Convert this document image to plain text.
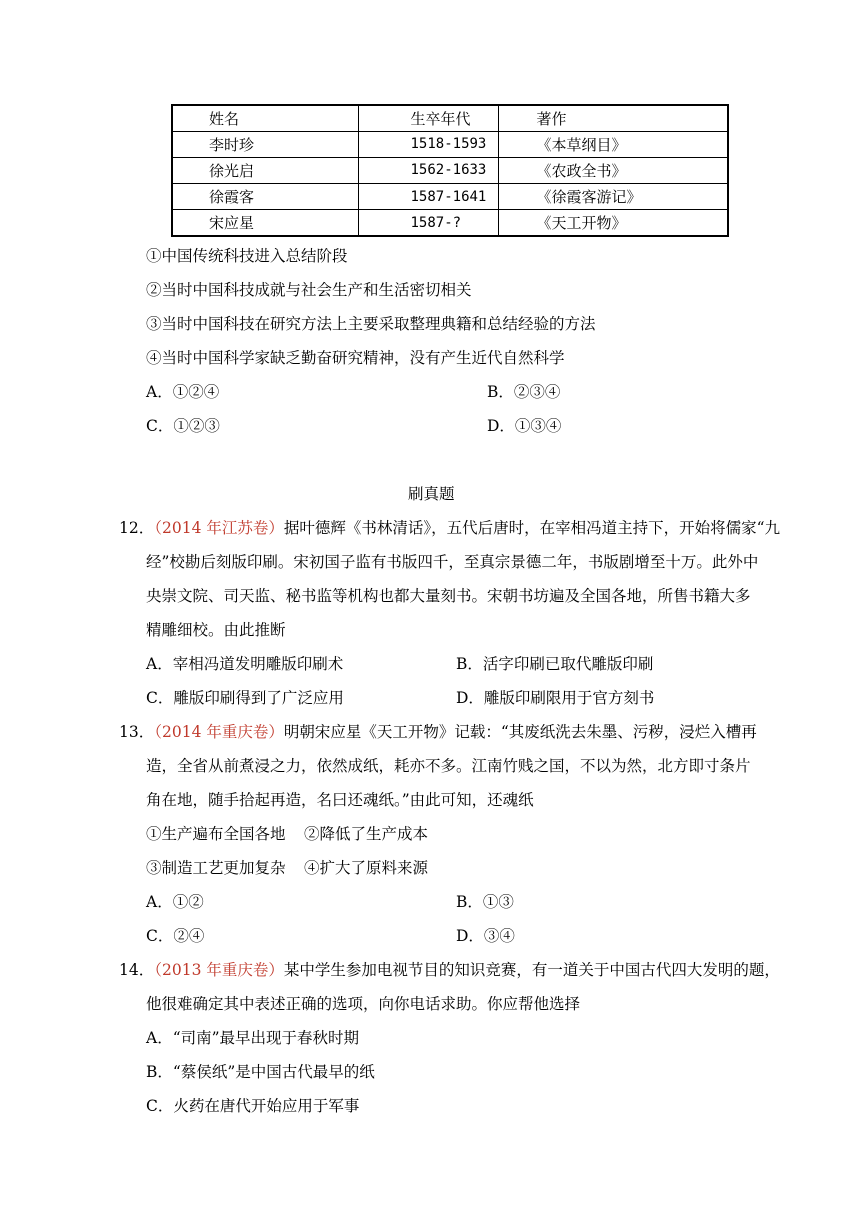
姓名	生卒年代	著作
李时珍	1518-1593	《本草纲目》
徐光启	1562-1633	《农政全书》
徐霞客	1587-1641	《徐霞客游记》
宋应星	1587-?	《天工开物》
①中国传统科技进入总结阶段
②当时中国科技成就与社会生产和生活密切相关
③当时中国科技在研究方法上主要采取整理典籍和总结经验的方法
④当时中国科学家缺乏勤奋研究精神，没有产生近代自然科学
A．①②④	B．②③④
C．①②③	D．①③④
刷真题
12．（2014 年江苏卷）据叶德辉《书林清话》，五代后唐时，在宰相冯道主持下，开始将儒家“九
经”校勘后刻版印刷。宋初国子监有书版四千，至真宗景德二年，书版剧增至十万。此外中
央崇文院、司天监、秘书监等机构也都大量刻书。宋朝书坊遍及全国各地，所售书籍大多
精雕细校。由此推断
A．宰相冯道发明雕版印刷术	B．活字印刷已取代雕版印刷
C．雕版印刷得到了广泛应用	D．雕版印刷限用于官方刻书
13．（2014 年重庆卷）明朝宋应星《天工开物》记载：“其废纸洗去朱墨、污秽，浸烂入槽再
造，全省从前煮浸之力，依然成纸，耗亦不多。江南竹贱之国，不以为然，北方即寸条片
角在地，随手拾起再造，名曰还魂纸。”由此可知，还魂纸
①生产遍布全国各地 ②降低了生产成本
③制造工艺更加复杂 ④扩大了原料来源
A．①②	B．①③
C．②④	D．③④
14．（2013 年重庆卷）某中学生参加电视节目的知识竞赛，有一道关于中国古代四大发明的题，
他很难确定其中表述正确的选项，向你电话求助。你应帮他选择
A．“司南”最早出现于春秋时期
B．“蔡侯纸”是中国古代最早的纸
C．火药在唐代开始应用于军事
